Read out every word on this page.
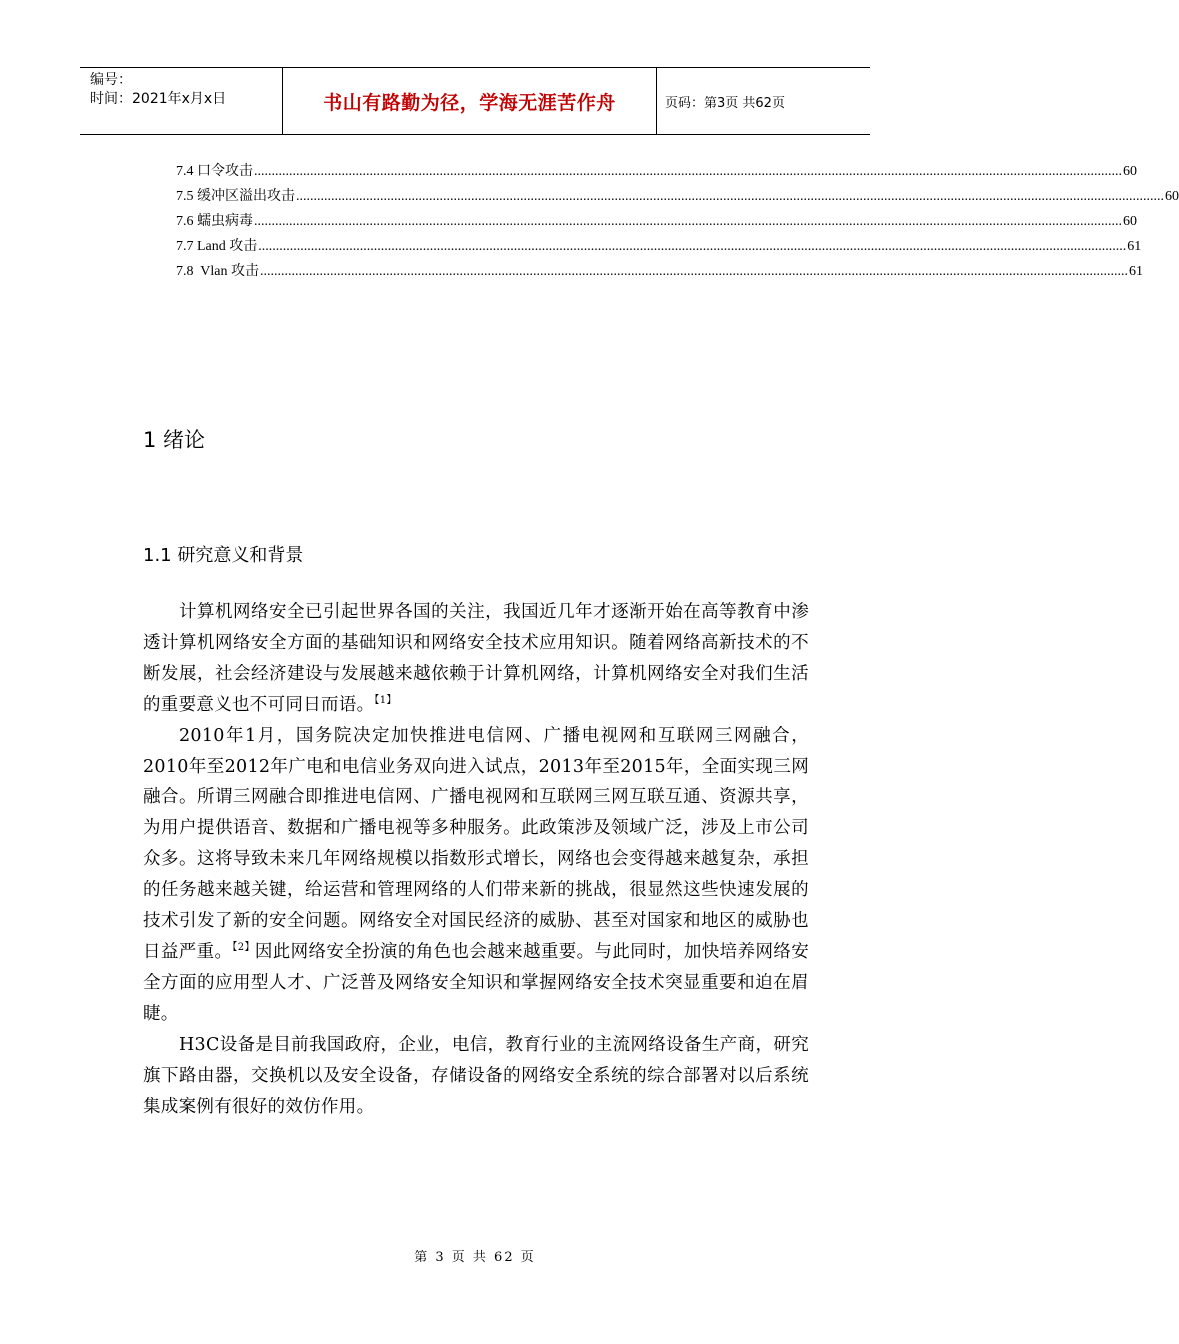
编号：
时间：2021年x月x日	书山有路勤为径，学海无涯苦作舟	页码：第3页 共62页
7.4 口令攻击 ........................................................................................................................................................................................................................................................ 60
7.5 缓冲区溢出攻击 ........................................................................................................................................................................................................................................................ 60
7.6 蠕虫病毒 ........................................................................................................................................................................................................................................................ 60
7.7 Land 攻击 ........................................................................................................................................................................................................................................................ 61
7.8  Vlan 攻击 ........................................................................................................................................................................................................................................................ 61
1 绪论
1.1 研究意义和背景

计算机网络安全已引起世界各国的关注，我国近几年才逐渐开始在高等教育中渗透计算机网络安全方面的基础知识和网络安全技术应用知识。随着网络高新技术的不断发展，社会经济建设与发展越来越依赖于计算机网络，计算机网络安全对我们生活的重要意义也不可同日而语。$^{【1】}$

2010年1月，国务院决定加快推进电信网、广播电视网和互联网三网融合，2010年至2012年广电和电信业务双向进入试点，2013年至2015年，全面实现三网融合。所谓三网融合即推进电信网、广播电视网和互联网三网互联互通、资源共享，为用户提供语音、数据和广播电视等多种服务。此政策涉及领域广泛，涉及上市公司众多。这将导致未来几年网络规模以指数形式增长，网络也会变得越来越复杂，承担的任务越来越关键，给运营和管理网络的人们带来新的挑战，很显然这些快速发展的技术引发了新的安全问题。网络安全对国民经济的威胁、甚至对国家和地区的威胁也日益严重。$^{【2】}$因此网络安全扮演的角色也会越来越重要。与此同时，加快培养网络安全方面的应用型人才、广泛普及网络安全知识和掌握网络安全技术突显重要和迫在眉睫。

H3C设备是目前我国政府，企业，电信，教育行业的主流网络设备生产商，研究旗下路由器，交换机以及安全设备，存储设备的网络安全系统的综合部署对以后系统集成案例有很好的效仿作用。

第 3 页 共 62 页
